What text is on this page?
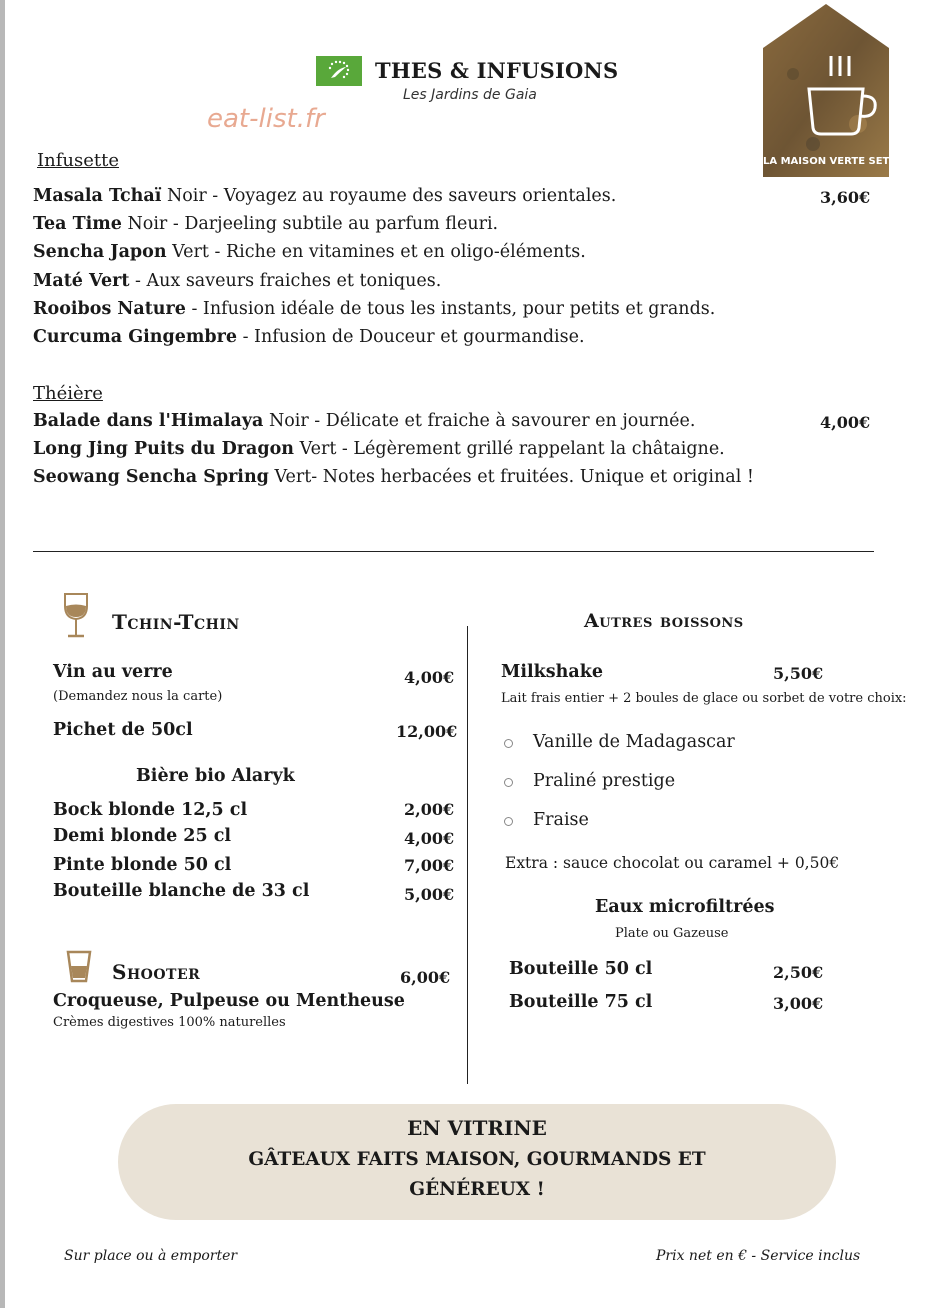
THES & INFUSIONS
Les Jardins de Gaia
eat-list.fr
LA MAISON VERTE SETE
Infusette
3,60€
Masala Tchaï Noir - Voyagez au royaume des saveurs orientales.
Tea Time Noir - Darjeeling subtile au parfum fleuri.
Sencha Japon Vert - Riche en vitamines et en oligo-éléments.
Maté Vert - Aux saveurs fraiches et toniques.
Rooibos Nature - Infusion idéale de tous les instants, pour petits et grands.
Curcuma Gingembre - Infusion de Douceur et gourmandise.
Théière
4,00€
Balade dans l'Himalaya Noir - Délicate et fraiche à savourer en journée.
Long Jing Puits du Dragon Vert - Légèrement grillé rappelant la châtaigne.
Seowang Sencha Spring Vert- Notes herbacées et fruitées. Unique et original !
Tchin-Tchin
Vin au verre	4,00€
(Demandez nous la carte)
Pichet de 50cl	12,00€
Bière bio Alaryk
Bock blonde 12,5 cl	2,00€
Demi blonde 25 cl	4,00€
Pinte blonde 50 cl	7,00€
Bouteille blanche de 33 cl	5,00€
Shooter	6,00€
Croqueuse, Pulpeuse ou Mentheuse
Crèmes digestives 100% naturelles
Autres boissons
Milkshake	5,50€
Lait frais entier + 2 boules de glace ou sorbet de votre choix:
Vanille de Madagascar
Praliné prestige
Fraise
Extra : sauce chocolat ou caramel + 0,50€
Eaux microfiltrées
Plate ou Gazeuse
Bouteille 50 cl	2,50€
Bouteille 75 cl	3,00€
EN VITRINE
GÂTEAUX FAITS MAISON, GOURMANDS ET
GÉNÉREUX !
Sur place ou à emporter	Prix net en € - Service inclus
